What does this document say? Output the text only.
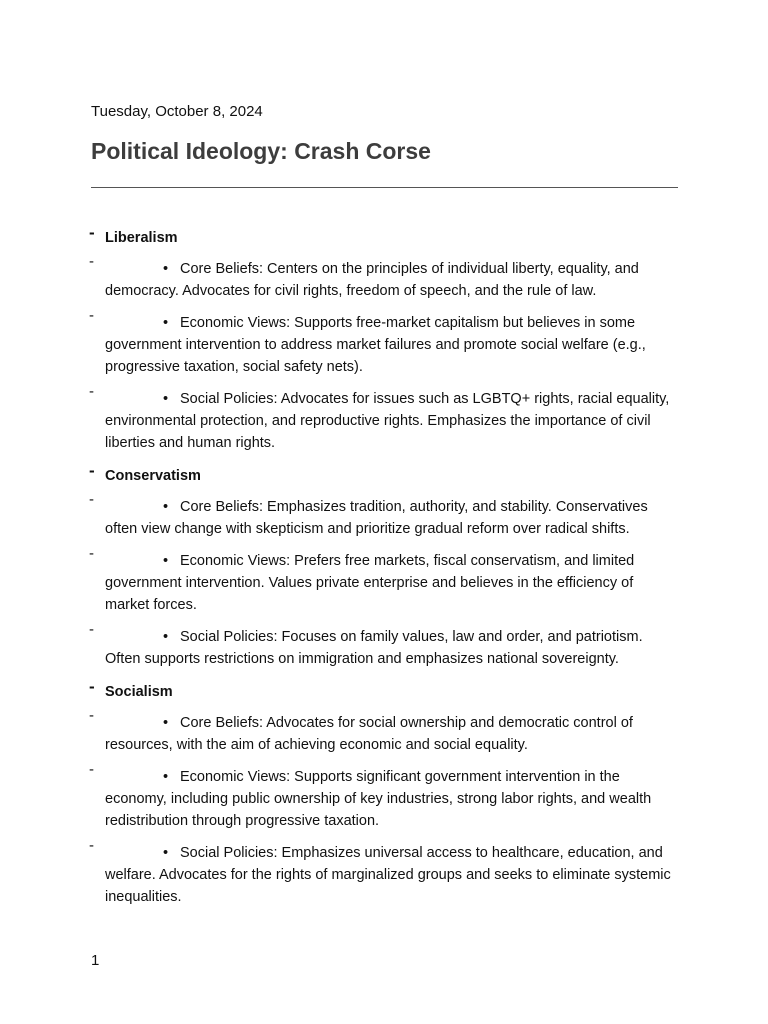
Tuesday, October 8, 2024
Political Ideology: Crash Corse
- Liberalism
-	• Core Beliefs: Centers on the principles of individual liberty, equality, and democracy. Advocates for civil rights, freedom of speech, and the rule of law.
-	• Economic Views: Supports free-market capitalism but believes in some government intervention to address market failures and promote social welfare (e.g., progressive taxation, social safety nets).
-	• Social Policies: Advocates for issues such as LGBTQ+ rights, racial equality, environmental protection, and reproductive rights. Emphasizes the importance of civil liberties and human rights.
- Conservatism
-	• Core Beliefs: Emphasizes tradition, authority, and stability. Conservatives often view change with skepticism and prioritize gradual reform over radical shifts.
-	• Economic Views: Prefers free markets, fiscal conservatism, and limited government intervention. Values private enterprise and believes in the efficiency of market forces.
-	• Social Policies: Focuses on family values, law and order, and patriotism. Often supports restrictions on immigration and emphasizes national sovereignty.
- Socialism
-	• Core Beliefs: Advocates for social ownership and democratic control of resources, with the aim of achieving economic and social equality.
-	• Economic Views: Supports significant government intervention in the economy, including public ownership of key industries, strong labor rights, and wealth redistribution through progressive taxation.
-	• Social Policies: Emphasizes universal access to healthcare, education, and welfare. Advocates for the rights of marginalized groups and seeks to eliminate systemic inequalities.
1
